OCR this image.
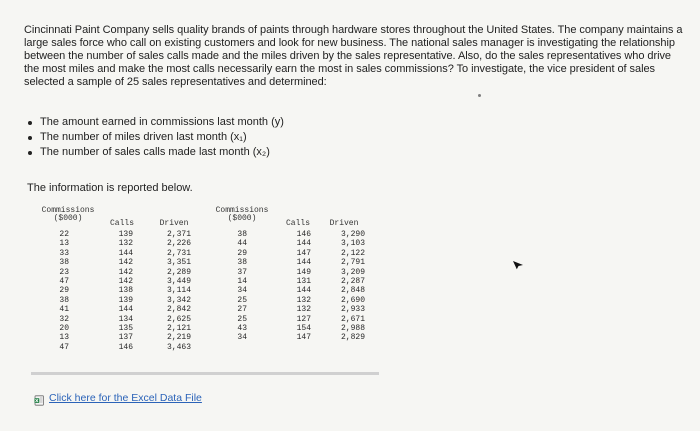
Cincinnati Paint Company sells quality brands of paints through hardware stores throughout the United States. The company maintains a large sales force who call on existing customers and look for new business. The national sales manager is investigating the relationship between the number of sales calls made and the miles driven by the sales representative. Also, do the sales representatives who drive the most miles and make the most calls necessarily earn the most in sales commissions? To investigate, the vice president of sales selected a sample of 25 sales representatives and determined:

The amount earned in commissions last month (y)
The number of miles driven last month (x₁)
The number of sales calls made last month (x₂)
The information is reported below.
Commissions
($000)
Calls	Driven
Commissions
($000)
Calls	Driven
22	139	2,371
13	132	2,226
33	144	2,731
38	142	3,351
23	142	2,289
47	142	3,449
29	138	3,114
38	139	3,342
41	144	2,842
32	134	2,625
20	135	2,121
13	137	2,219
47	146	3,463
38	146	3,290
44	144	3,103
29	147	2,122
38	144	2,791
37	149	3,209
14	131	2,287
34	144	2,848
25	132	2,690
27	132	2,933
25	127	2,671
43	154	2,988
34	147	2,829
Click here for the Excel Data File
